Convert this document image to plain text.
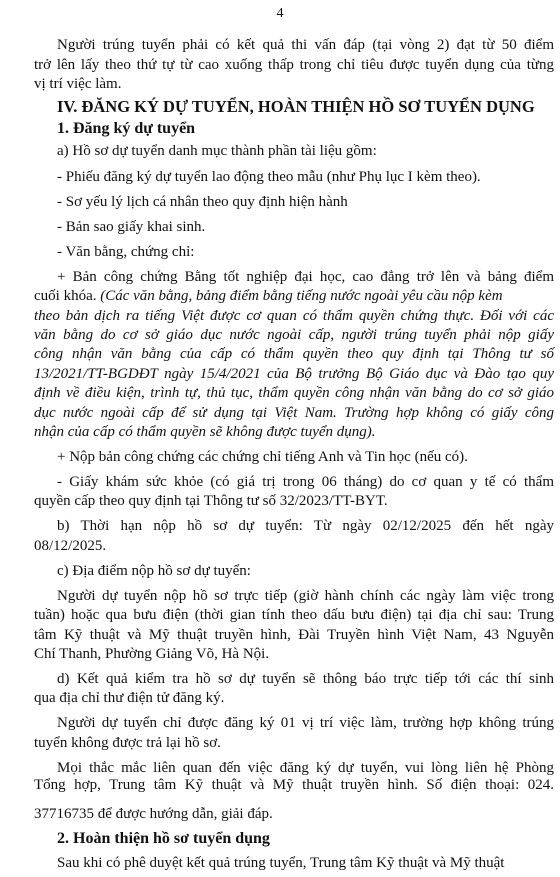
4
Người trúng tuyển phải có kết quả thi vấn đáp (tại vòng 2) đạt từ 50 điểm
trở lên lấy theo thứ tự từ cao xuống thấp trong chỉ tiêu được tuyển dụng của từng
vị trí việc làm.
IV. ĐĂNG KÝ DỰ TUYỂN, HOÀN THIỆN HỒ SƠ TUYỂN DỤNG
1. Đăng ký dự tuyển
a) Hồ sơ dự tuyển danh mục thành phần tài liệu gồm:
- Phiếu đăng ký dự tuyển lao động theo mẫu (như Phụ lục I kèm theo).
- Sơ yếu lý lịch cá nhân theo quy định hiện hành
- Bản sao giấy khai sinh.
- Văn bằng, chứng chỉ:
+ Bản công chứng Bằng tốt nghiệp đại học, cao đẳng trở lên và bảng điểm
cuối khóa. (Các văn bằng, bảng điểm bằng tiếng nước ngoài yêu cầu nộp kèm
theo bản dịch ra tiếng Việt được cơ quan có thẩm quyền chứng thực. Đối với các
văn bằng do cơ sở giáo dục nước ngoài cấp, người trúng tuyển phải nộp giấy
công nhận văn bằng của cấp có thẩm quyền theo quy định tại Thông tư số
13/2021/TT-BGDĐT ngày 15/4/2021 của Bộ trưởng Bộ Giáo dục và Đào tạo quy
định về điều kiện, trình tự, thủ tục, thẩm quyền công nhận văn bằng do cơ sở giáo
dục nước ngoài cấp để sử dụng tại Việt Nam. Trường hợp không có giấy công
nhận của cấp có thẩm quyền sẽ không được tuyển dụng).
+ Nộp bản công chứng các chứng chỉ tiếng Anh và Tin học (nếu có).
- Giấy khám sức khỏe (có giá trị trong 06 tháng) do cơ quan y tế có thẩm
quyền cấp theo quy định tại Thông tư số 32/2023/TT-BYT.
b) Thời hạn nộp hồ sơ dự tuyển: Từ ngày 02/12/2025 đến hết ngày
08/12/2025.
c) Địa điểm nộp hồ sơ dự tuyển:
Người dự tuyển nộp hồ sơ trực tiếp (giờ hành chính các ngày làm việc trong
tuần) hoặc qua bưu điện (thời gian tính theo dấu bưu điện) tại địa chỉ sau: Trung
tâm Kỹ thuật và Mỹ thuật truyền hình, Đài Truyền hình Việt Nam, 43 Nguyễn
Chí Thanh, Phường Giảng Võ, Hà Nội.
d) Kết quả kiểm tra hồ sơ dự tuyển sẽ thông báo trực tiếp tới các thí sinh
qua địa chỉ thư điện tử đăng ký.
Người dự tuyển chỉ được đăng ký 01 vị trí việc làm, trường hợp không trúng
tuyển không được trả lại hồ sơ.
Mọi thắc mắc liên quan đến việc đăng ký dự tuyển, vui lòng liên hệ Phòng
Tổng hợp, Trung tâm Kỹ thuật và Mỹ thuật truyền hình. Số điện thoại: 024.
37716735 để được hướng dẫn, giải đáp.
2. Hoàn thiện hồ sơ tuyển dụng
Sau khi có phê duyệt kết quả trúng tuyển, Trung tâm Kỹ thuật và Mỹ thuật
